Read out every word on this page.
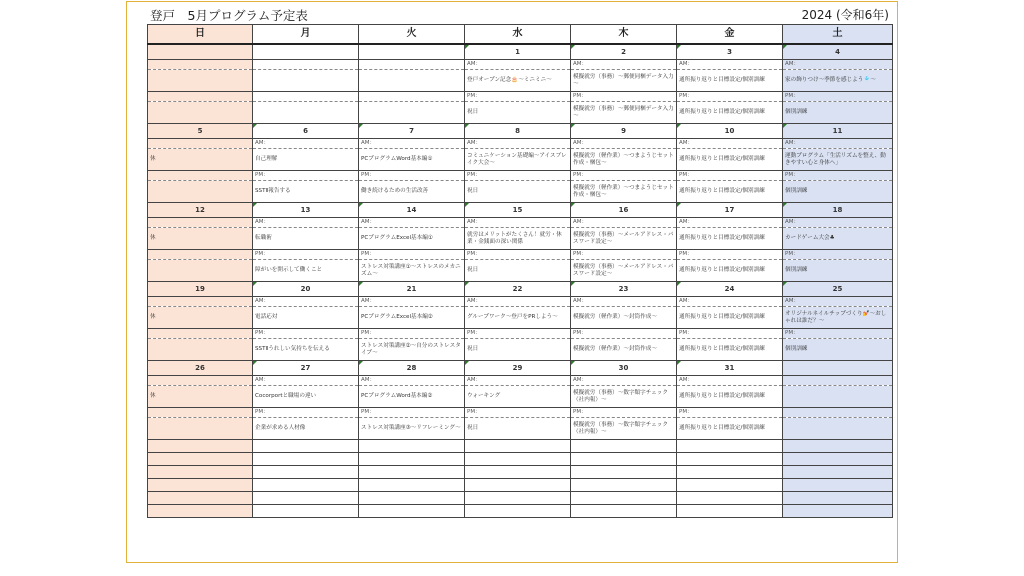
登戸　5月プログラム予定表	2024 (令和6年)
日	月	火	水	木	金	土
			1	2	3	4

			AM：	AM：	AM：	AM：
			登戸オープン記念🎂～ミニミニ～	模擬就労（事務）～郵便同梱データ入力～	通所振り返りと目標設定/個別訓練	家の飾りつけ～季節を感じよう🎐～
			PM：	PM：	PM：	PM：
			祝日	模擬就労（事務）～郵便同梱データ入力～	通所振り返りと目標設定/個別訓練	個別訓練
5	6	7	8	9	10	11

	AM：	AM：	AM：	AM：	AM：	AM：
休	自己理解	PCプログラムWord基本編①	コミュニケーション基礎編～アイスブレイク大会～	模擬就労（軽作業）～つまようじセット作成・梱包～	通所振り返りと目標設定/個別訓練	運動プログラム「生活リズムを整え、動きやすい心と身体へ」
	PM：	PM：	PM：	PM：	PM：	PM：
	SSTⅡ報告する	働き続けるための生活改善	祝日	模擬就労（軽作業）～つまようじセット作成・梱包～	通所振り返りと目標設定/個別訓練	個別訓練
12	13	14	15	16	17	18

	AM：	AM：	AM：	AM：	AM：	AM：
休	転職術	PCプログラムExcel基本編①	就労はメリットがたくさん！就労・休業・金銭面の深い関係	模擬就労（事務）～メールアドレス・パスワード設定～	通所振り返りと目標設定/個別訓練	カードゲーム大会♣
	PM：	PM：	PM：	PM：	PM：	PM：
	障がいを開示して働くこと	ストレス対策講座①～ストレスのメカニズム～	祝日	模擬就労（事務）～メールアドレス・パスワード設定～	通所振り返りと目標設定/個別訓練	個別訓練
19	20	21	22	23	24	25

	AM：	AM：	AM：	AM：	AM：	AM：
休	電話応対	PCプログラムExcel基本編②	グループワーク～登戸をPRしよう～	模擬就労（軽作業）～封筒作成～	通所振り返りと目標設定/個別訓練	オリジナルネイルチップづくり💅～おしゃれは誰だ？～
	PM：	PM：	PM：	PM：	PM：	PM：
	SSTⅡうれしい気持ちを伝える	ストレス対策講座②～自分のストレスタイプ～	祝日	模擬就労（軽作業）～封筒作成～	通所振り返りと目標設定/個別訓練	個別訓練
26	27	28	29	30	31

	AM：	AM：	AM：	AM：	AM：	
休	Cocorportと職場の違い	PCプログラムWord基本編②	ウォーキング	模擬就労（事務）～数字類字チェック（社内報）～	通所振り返りと目標設定/個別訓練	
	PM：	PM：	PM：	PM：	PM：	
	企業が求める人材像	ストレス対策講座③～リフレーミング～	祝日	模擬就労（事務）～数字類字チェック（社内報）～	通所振り返りと目標設定/個別訓練	
